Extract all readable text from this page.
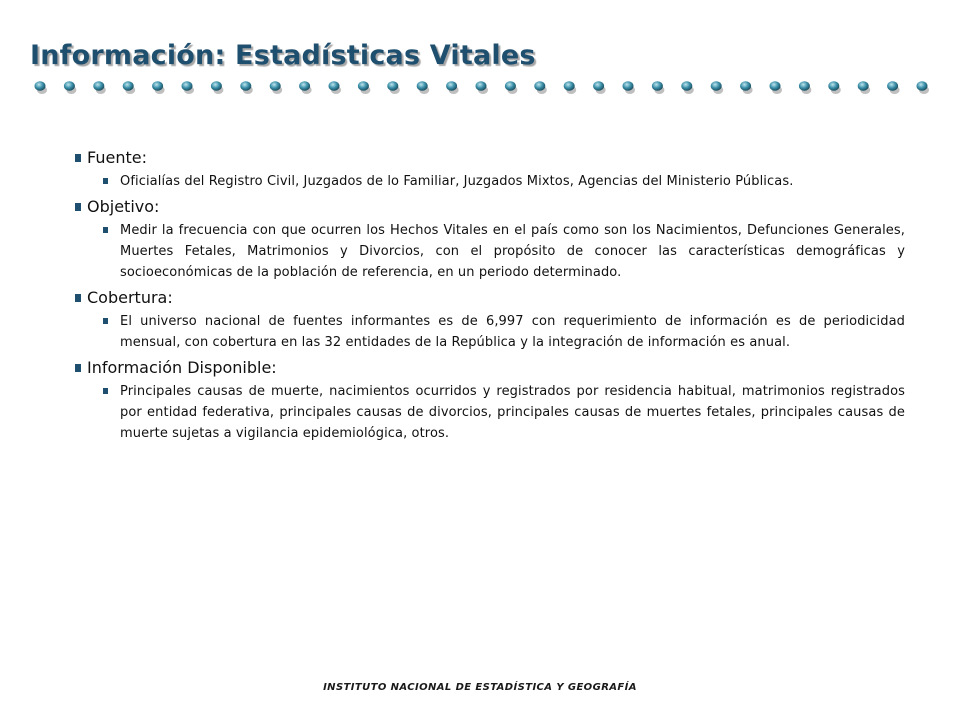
Información: Estadísticas Vitales

Fuente:

Oficialías del Registro Civil, Juzgados de lo Familiar, Juzgados Mixtos, Agencias del Ministerio Públicas.

Objetivo:

Medir la frecuencia con que ocurren los Hechos Vitales en el país como son los Nacimientos, Defunciones Generales, Muertes Fetales, Matrimonios y Divorcios, con el propósito de conocer las características demográficas y socioeconómicas de la población de referencia, en un periodo determinado.

Cobertura:

El universo nacional de fuentes informantes es de 6,997 con requerimiento de información es de periodicidad mensual, con cobertura en las 32 entidades de la República y la integración de información es anual.

Información Disponible:

Principales causas de muerte, nacimientos ocurridos y registrados por residencia habitual, matrimonios registrados por entidad federativa, principales causas de divorcios, principales causas de muertes fetales, principales causas de muerte sujetas a vigilancia epidemiológica, otros.
INSTITUTO NACIONAL DE ESTADÍSTICA Y GEOGRAFÍA
